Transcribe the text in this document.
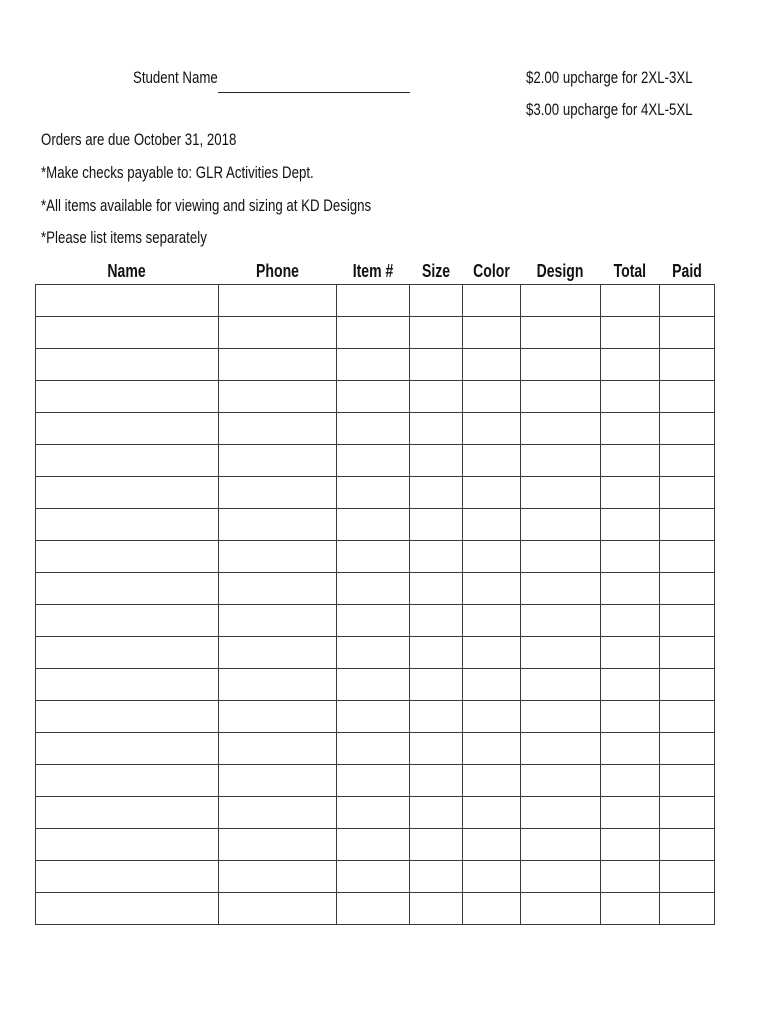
Student Name	$2.00 upcharge for 2XL-3XL
$3.00 upcharge for 4XL-5XL
Orders are due October 31, 2018
*Make checks payable to: GLR Activities Dept.
*All items available for viewing and sizing at KD Designs
*Please list items separately
Name	Phone	Item #	Size	Color	Design	Total	Paid
